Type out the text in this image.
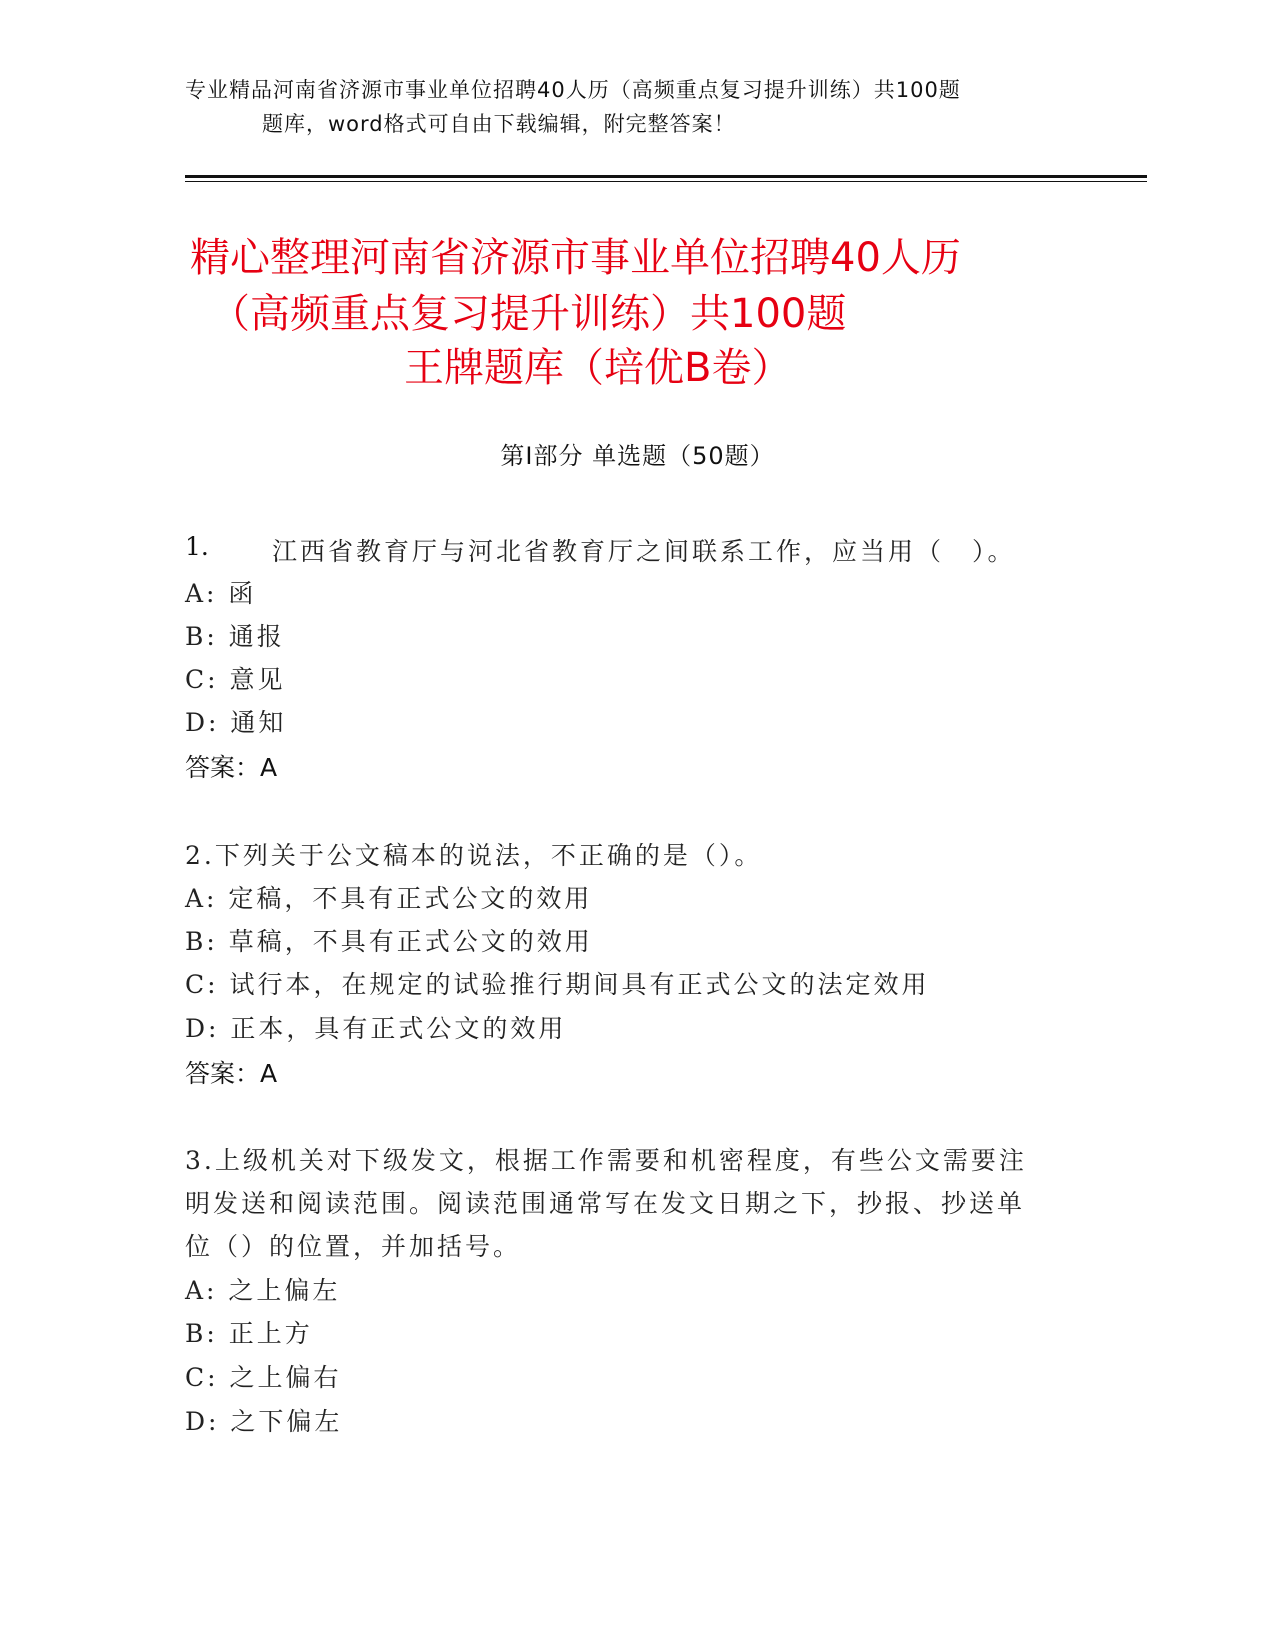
专业精品河南省济源市事业单位招聘40人历（高频重点复习提升训练）共100题
题库，word格式可自由下载编辑，附完整答案！
精心整理河南省济源市事业单位招聘40人历
（高频重点复习提升训练）共100题
王牌题库（培优B卷）
第Ⅰ部分 单选题（50题）
1.	江西省教育厅与河北省教育厅之间联系工作，应当用（　）。
A: 函
B: 通报
C: 意见
D: 通知
答案：A
2.下列关于公文稿本的说法，不正确的是（）。
A: 定稿，不具有正式公文的效用
B: 草稿，不具有正式公文的效用
C: 试行本，在规定的试验推行期间具有正式公文的法定效用
D: 正本，具有正式公文的效用
答案：A
3.上级机关对下级发文，根据工作需要和机密程度，有些公文需要注
明发送和阅读范围。阅读范围通常写在发文日期之下，抄报、抄送单
位（）的位置，并加括号。
A: 之上偏左
B: 正上方
C: 之上偏右
D: 之下偏左
